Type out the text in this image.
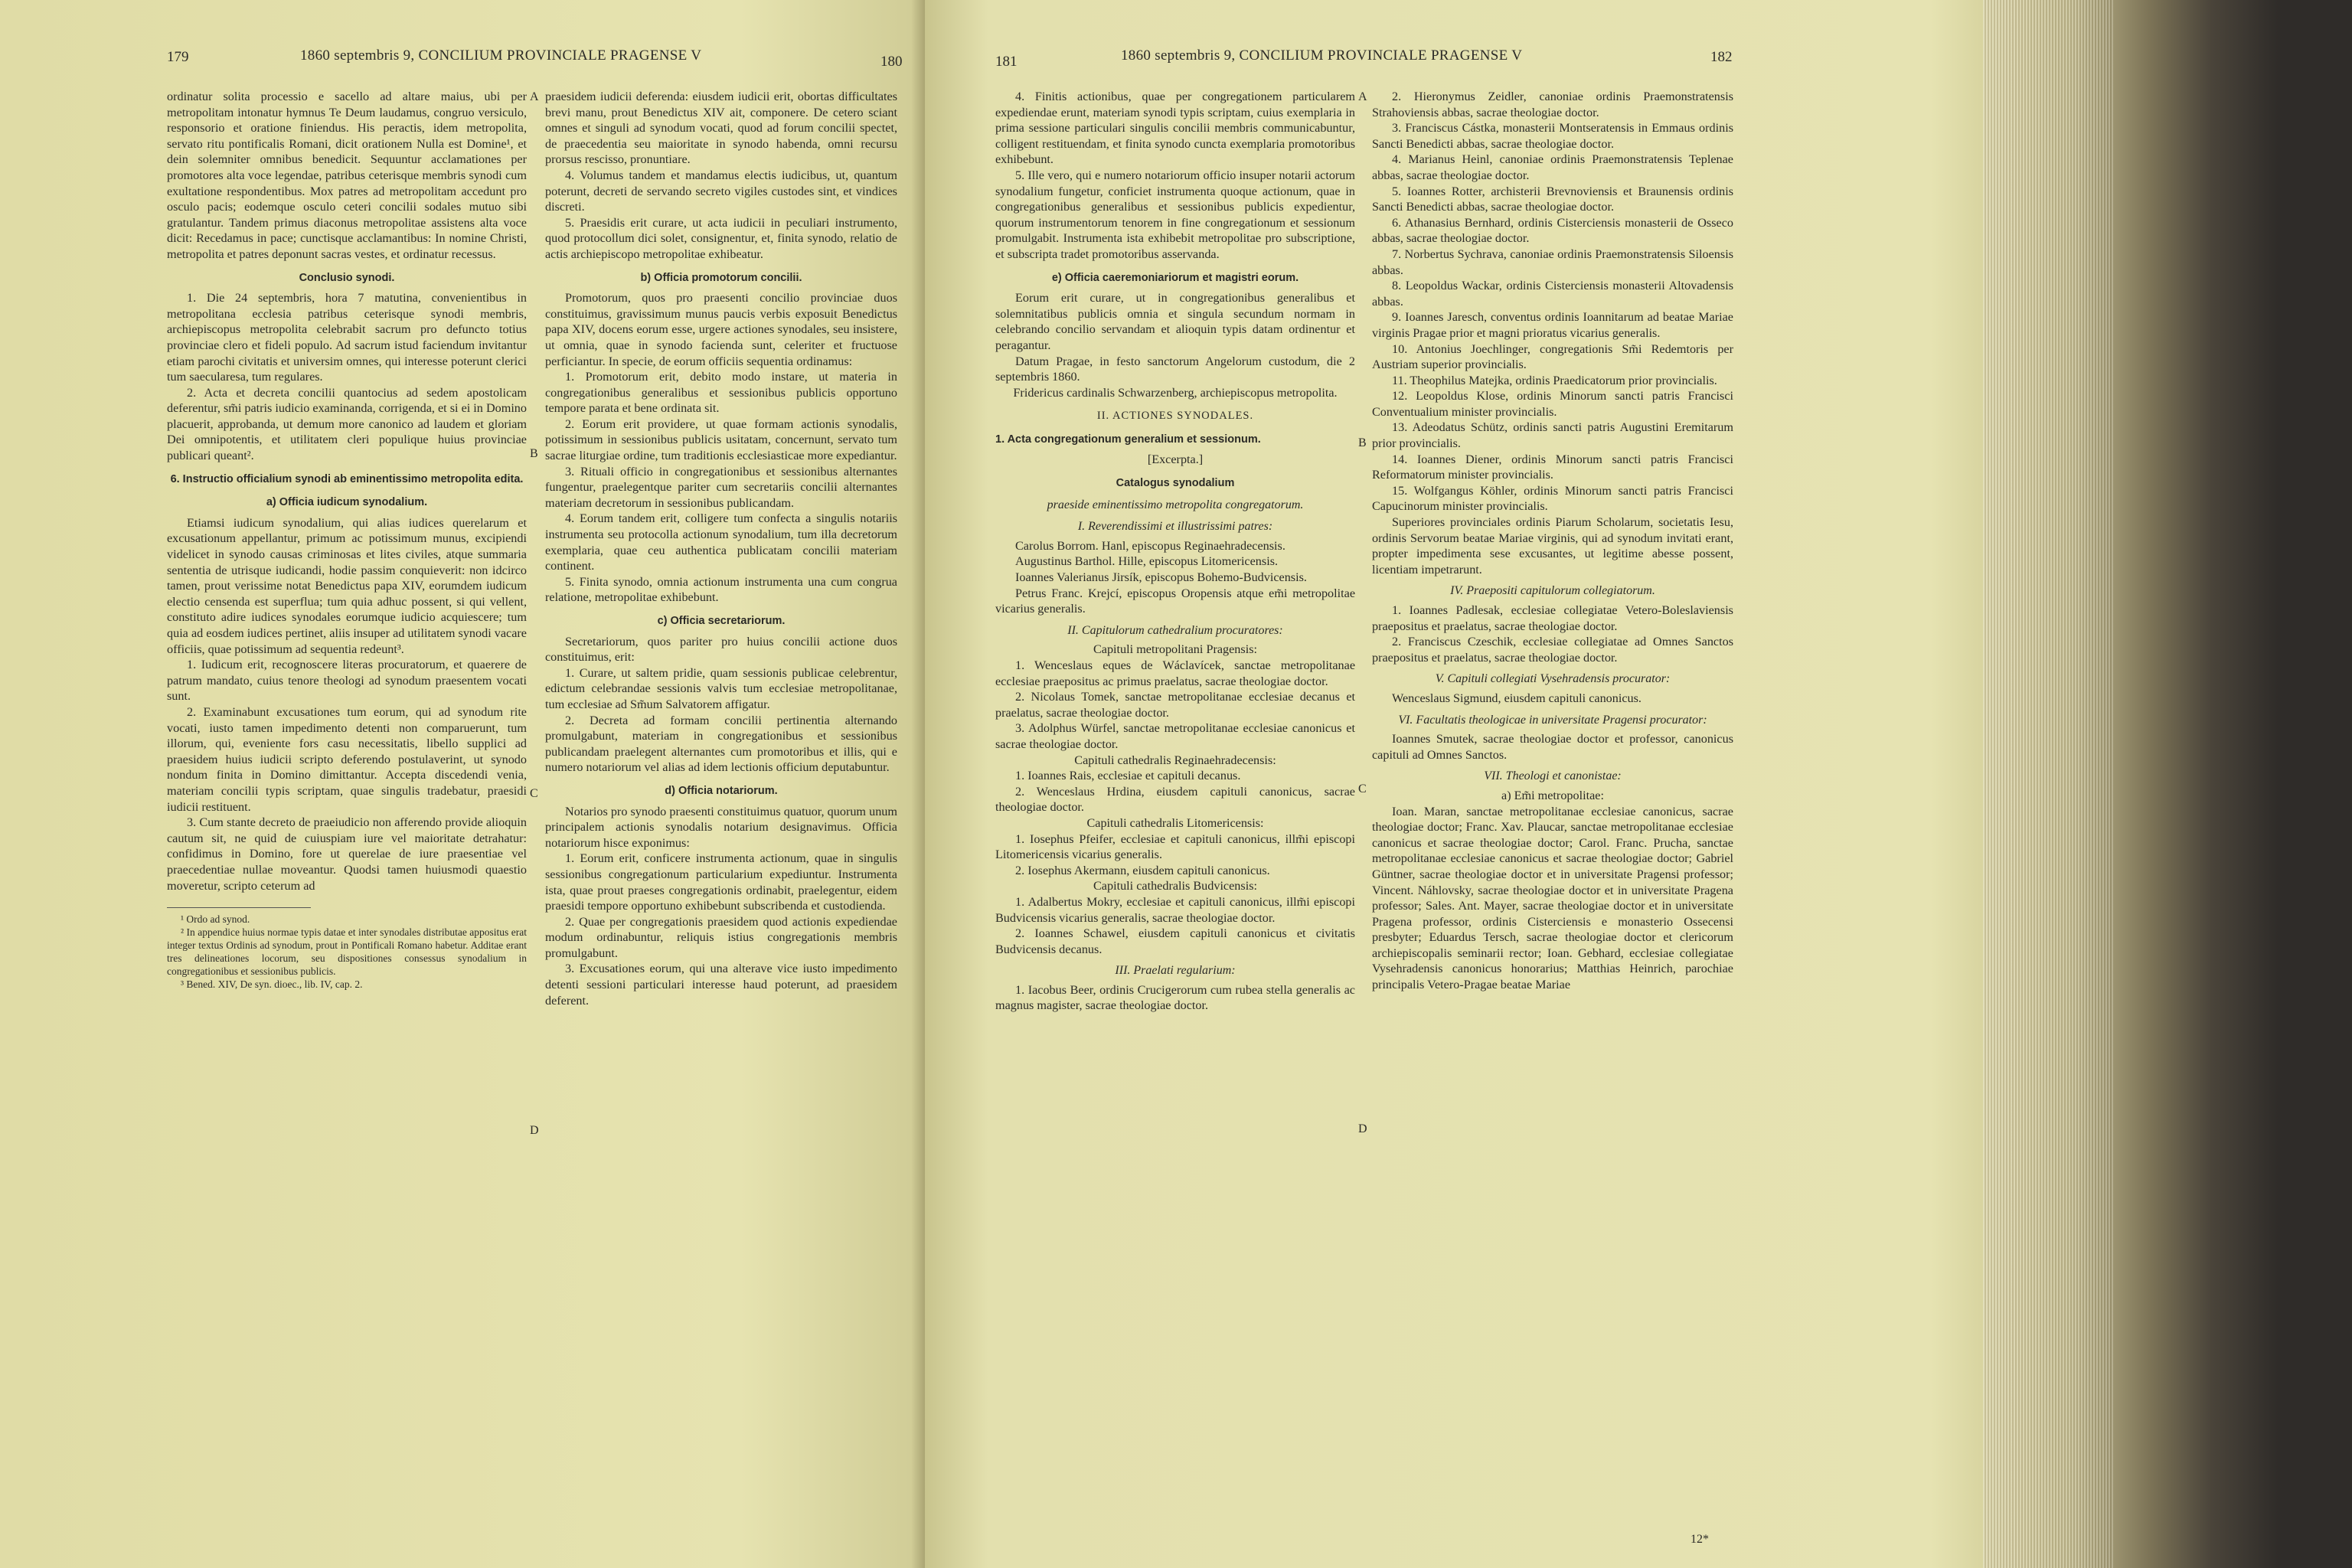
179	1860 septembris 9, CONCILIUM PROVINCIALE PRAGENSE V	180

ordinatur solita processio e sacello ad altare maius, ubi per metropolitam intonatur hymnus Te Deum laudamus, congruo versiculo, responsorio et oratione finiendus. His peractis, idem metropolita, servato ritu pontificalis Romani, dicit orationem Nulla est Domine¹, et dein solemniter omnibus benedicit. Sequuntur acclamationes per promotores alta voce legendae, patribus ceterisque membris synodi cum exultatione respondentibus. Mox patres ad metropolitam accedunt pro osculo pacis; eodemque osculo ceteri concilii sodales mutuo sibi gratulantur. Tandem primus diaconus metropolitae assistens alta voce dicit: Recedamus in pace; cunctisque acclamantibus: In nomine Christi, metropolita et patres deponunt sacras vestes, et ordinatur recessus.

Conclusio synodi.

1. Die 24 septembris, hora 7 matutina, convenientibus in metropolitana ecclesia patribus ceterisque synodi membris, archiepiscopus metropolita celebrabit sacrum pro defuncto totius provinciae clero et fideli populo. Ad sacrum istud faciendum invitantur etiam parochi civitatis et universim omnes, qui interesse poterunt clerici tum saecularesa, tum regulares.

2. Acta et decreta concilii quantocius ad sedem apostolicam deferentur, sm̃i patris iudicio examinanda, corrigenda, et si ei in Domino placuerit, approbanda, ut demum more canonico ad laudem et gloriam Dei omnipotentis, et utilitatem cleri populique huius provinciae publicari queant².

6. Instructio officialium synodi ab eminentissimo metropolita edita.
a) Officia iudicum synodalium.

Etiamsi iudicum synodalium, qui alias iudices querelarum et excusationum appellantur, primum ac potissimum munus, excipiendi videlicet in synodo causas criminosas et lites civiles, atque summaria sententia de utrisque iudicandi, hodie passim conquieverit: non idcirco tamen, prout verissime notat Benedictus papa XIV, eorumdem iudicum electio censenda est superflua; tum quia adhuc possent, si qui vellent, constituto adire iudices synodales eorumque iudicio acquiescere; tum quia ad eosdem iudices pertinet, aliis insuper ad utilitatem synodi vacare officiis, quae potissimum ad sequentia redeunt³.

1. Iudicum erit, recognoscere literas procuratorum, et quaerere de patrum mandato, cuius tenore theologi ad synodum praesentem vocati sunt.

2. Examinabunt excusationes tum eorum, qui ad synodum rite vocati, iusto tamen impedimento detenti non comparuerunt, tum illorum, qui, eveniente fors casu necessitatis, libello supplici ad praesidem huius iudicii scripto deferendo postulaverint, ut synodo nondum finita in Domino dimittantur. Accepta discedendi venia, materiam concilii typis scriptam, quae singulis tradebatur, praesidi iudicii restituent.

3. Cum stante decreto de praeiudicio non afferendo provide alioquin cautum sit, ne quid de cuiuspiam iure vel maioritate detrahatur: confidimus in Domino, fore ut querelae de iure praesentiae vel praecedentiae nullae moveantur. Quodsi tamen huiusmodi quaestio moveretur, scripto ceterum ad

¹ Ordo ad synod.

² In appendice huius normae typis datae et inter synodales distributae appositus erat integer textus Ordinis ad synodum, prout in Pontificali Romano habetur. Additae erant tres delineationes locorum, seu dispositiones consessus synodalium in congregationibus et sessionibus publicis.

³ Bened. XIV, De syn. dioec., lib. IV, cap. 2.

A
B
C
D

praesidem iudicii deferenda: eiusdem iudicii erit, obortas difficultates brevi manu, prout Benedictus XIV ait, componere. De cetero sciant omnes et singuli ad synodum vocati, quod ad forum concilii spectet, de praecedentia seu maioritate in synodo habenda, omni recursu prorsus rescisso, pronuntiare.

4. Volumus tandem et mandamus electis iudicibus, ut, quantum poterunt, decreti de servando secreto vigiles custodes sint, et vindices discreti.

5. Praesidis erit curare, ut acta iudicii in peculiari instrumento, quod protocollum dici solet, consignentur, et, finita synodo, relatio de actis archiepiscopo metropolitae exhibeatur.

b) Officia promotorum concilii.

Promotorum, quos pro praesenti concilio provinciae duos constituimus, gravissimum munus paucis verbis exposuit Benedictus papa XIV, docens eorum esse, urgere actiones synodales, seu insistere, ut omnia, quae in synodo facienda sunt, celeriter et fructuose perficiantur. In specie, de eorum officiis sequentia ordinamus:

1. Promotorum erit, debito modo instare, ut materia in congregationibus generalibus et sessionibus publicis opportuno tempore parata et bene ordinata sit.

2. Eorum erit providere, ut quae formam actionis synodalis, potissimum in sessionibus publicis usitatam, concernunt, servato tum sacrae liturgiae ordine, tum traditionis ecclesiasticae more expediantur.

3. Rituali officio in congregationibus et sessionibus alternantes fungentur, praelegentque pariter cum secretariis concilii alternantes materiam decretorum in sessionibus publicandam.

4. Eorum tandem erit, colligere tum confecta a singulis notariis instrumenta seu protocolla actionum synodalium, tum illa decretorum exemplaria, quae ceu authentica publicatam concilii materiam continent.

5. Finita synodo, omnia actionum instrumenta una cum congrua relatione, metropolitae exhibebunt.

c) Officia secretariorum.

Secretariorum, quos pariter pro huius concilii actione duos constituimus, erit:

1. Curare, ut saltem pridie, quam sessionis publicae celebrentur, edictum celebrandae sessionis valvis tum ecclesiae metropolitanae, tum ecclesiae ad Sm̃um Salvatorem affigatur.

2. Decreta ad formam concilii pertinentia alternando promulgabunt, materiam in congregationibus et sessionibus publicandam praelegent alternantes cum promotoribus et illis, qui e numero notariorum vel alias ad idem lectionis officium deputabuntur.

d) Officia notariorum.

Notarios pro synodo praesenti constituimus quatuor, quorum unum principalem actionis synodalis notarium designavimus. Officia notariorum hisce exponimus:

1. Eorum erit, conficere instrumenta actionum, quae in singulis sessionibus congregationum particularium expediuntur. Instrumenta ista, quae prout praeses congregationis ordinabit, praelegentur, eidem praesidi tempore opportuno exhibebunt subscribenda et custodienda.

2. Quae per congregationis praesidem quod actionis expediendae modum ordinabuntur, reliquis istius congregationis membris promulgabunt.

3. Excusationes eorum, qui una alterave vice iusto impedimento detenti sessioni particulari interesse haud poterunt, ad praesidem deferent.

181	1860 septembris 9, CONCILIUM PROVINCIALE PRAGENSE V	182

4. Finitis actionibus, quae per congregationem particularem expediendae erunt, materiam synodi typis scriptam, cuius exemplaria in prima sessione particulari singulis concilii membris communicabuntur, colligent restituendam, et finita synodo cuncta exemplaria promotoribus exhibebunt.

5. Ille vero, qui e numero notariorum officio insuper notarii actorum synodalium fungetur, conficiet instrumenta quoque actionum, quae in congregationibus generalibus et sessionibus publicis expedientur, quorum instrumentorum tenorem in fine congregationum et sessionum promulgabit. Instrumenta ista exhibebit metropolitae pro subscriptione, et subscripta tradet promotoribus asservanda.

e) Officia caeremoniariorum et magistri eorum.

Eorum erit curare, ut in congregationibus generalibus et solemnitatibus publicis omnia et singula secundum normam in celebrando concilio servandam et alioquin typis datam ordinentur et peragantur.

Datum Pragae, in festo sanctorum Angelorum custodum, die 2 septembris 1860.

Fridericus cardinalis Schwarzenberg, archiepiscopus metropolita.

II. ACTIONES SYNODALES.
1. Acta congregationum generalium et sessionum.

[Excerpta.]

Catalogus synodalium
praeside eminentissimo metropolita congregatorum.
I. Reverendissimi et illustrissimi patres:

Carolus Borrom. Hanl, episcopus Reginaehradecensis.

Augustinus Barthol. Hille, episcopus Litomericensis.

Ioannes Valerianus Jirsík, episcopus Bohemo-Budvicensis.

Petrus Franc. Krejcí, episcopus Oropensis atque em̃i metropolitae vicarius generalis.

II. Capitulorum cathedralium procuratores:

Capituli metropolitani Pragensis:

1. Wenceslaus eques de Wáclavícek, sanctae metropolitanae ecclesiae praepositus ac primus praelatus, sacrae theologiae doctor.

2. Nicolaus Tomek, sanctae metropolitanae ecclesiae decanus et praelatus, sacrae theologiae doctor.

3. Adolphus Würfel, sanctae metropolitanae ecclesiae canonicus et sacrae theologiae doctor.

Capituli cathedralis Reginaehradecensis:

1. Ioannes Rais, ecclesiae et capituli decanus.

2. Wenceslaus Hrdina, eiusdem capituli canonicus, sacrae theologiae doctor.

Capituli cathedralis Litomericensis:

1. Iosephus Pfeifer, ecclesiae et capituli canonicus, illm̃i episcopi Litomericensis vicarius generalis.

2. Iosephus Akermann, eiusdem capituli canonicus.

Capituli cathedralis Budvicensis:

1. Adalbertus Mokry, ecclesiae et capituli canonicus, illm̃i episcopi Budvicensis vicarius generalis, sacrae theologiae doctor.

2. Ioannes Schawel, eiusdem capituli canonicus et civitatis Budvicensis decanus.

III. Praelati regularium:

1. Iacobus Beer, ordinis Crucigerorum cum rubea stella generalis ac magnus magister, sacrae theologiae doctor.

A
B
C
D

2. Hieronymus Zeidler, canoniae ordinis Praemonstratensis Strahoviensis abbas, sacrae theologiae doctor.

3. Franciscus Cástka, monasterii Montseratensis in Emmaus ordinis Sancti Benedicti abbas, sacrae theologiae doctor.

4. Marianus Heinl, canoniae ordinis Praemonstratensis Teplenae abbas, sacrae theologiae doctor.

5. Ioannes Rotter, archisterii Brevnoviensis et Braunensis ordinis Sancti Benedicti abbas, sacrae theologiae doctor.

6. Athanasius Bernhard, ordinis Cisterciensis monasterii de Osseco abbas, sacrae theologiae doctor.

7. Norbertus Sychrava, canoniae ordinis Praemonstratensis Siloensis abbas.

8. Leopoldus Wackar, ordinis Cisterciensis monasterii Altovadensis abbas.

9. Ioannes Jaresch, conventus ordinis Ioannitarum ad beatae Mariae virginis Pragae prior et magni prioratus vicarius generalis.

10. Antonius Joechlinger, congregationis Sm̃i Redemtoris per Austriam superior provincialis.

11. Theophilus Matejka, ordinis Praedicatorum prior provincialis.

12. Leopoldus Klose, ordinis Minorum sancti patris Francisci Conventualium minister provincialis.

13. Adeodatus Schütz, ordinis sancti patris Augustini Eremitarum prior provincialis.

14. Ioannes Diener, ordinis Minorum sancti patris Francisci Reformatorum minister provincialis.

15. Wolfgangus Köhler, ordinis Minorum sancti patris Francisci Capucinorum minister provincialis.

Superiores provinciales ordinis Piarum Scholarum, societatis Iesu, ordinis Servorum beatae Mariae virginis, qui ad synodum invitati erant, propter impedimenta sese excusantes, ut legitime abesse possent, licentiam impetrarunt.

IV. Praepositi capitulorum collegiatorum.

1. Ioannes Padlesak, ecclesiae collegiatae Vetero-Boleslaviensis praepositus et praelatus, sacrae theologiae doctor.

2. Franciscus Czeschik, ecclesiae collegiatae ad Omnes Sanctos praepositus et praelatus, sacrae theologiae doctor.

V. Capituli collegiati Vysehradensis procurator:

Wenceslaus Sigmund, eiusdem capituli canonicus.

VI. Facultatis theologicae in universitate Pragensi procurator:

Ioannes Smutek, sacrae theologiae doctor et professor, canonicus capituli ad Omnes Sanctos.

VII. Theologi et canonistae:

a) Em̃i metropolitae:

Ioan. Maran, sanctae metropolitanae ecclesiae canonicus, sacrae theologiae doctor; Franc. Xav. Plaucar, sanctae metropolitanae ecclesiae canonicus et sacrae theologiae doctor; Carol. Franc. Prucha, sanctae metropolitanae ecclesiae canonicus et sacrae theologiae doctor; Gabriel Güntner, sacrae theologiae doctor et in universitate Pragensi professor; Vincent. Náhlovsky, sacrae theologiae doctor et in universitate Pragena professor; Sales. Ant. Mayer, sacrae theologiae doctor et in universitate Pragena professor, ordinis Cisterciensis e monasterio Ossecensi presbyter; Eduardus Tersch, sacrae theologiae doctor et clericorum archiepiscopalis seminarii rector; Ioan. Gebhard, ecclesiae collegiatae Vysehradensis canonicus honorarius; Matthias Heinrich, parochiae principalis Vetero-Pragae beatae Mariae

12*
